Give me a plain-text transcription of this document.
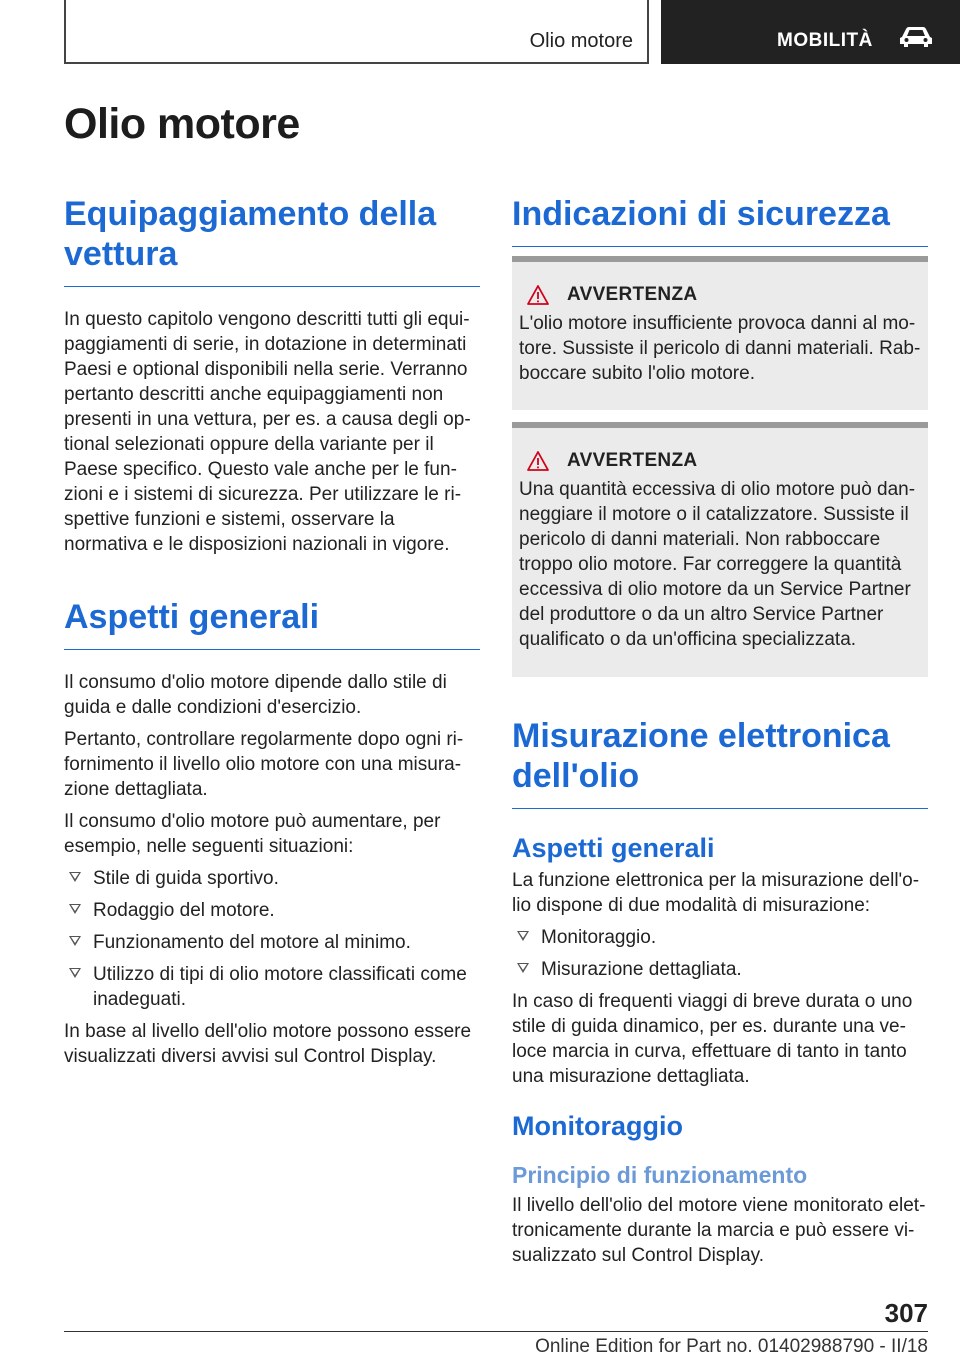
Olio motore	MOBILITÀ
Olio motore
Equipaggiamento della vettura

In questo capitolo vengono descritti tutti gli equipaggiamenti di serie, in dotazione in determinati Paesi e optional disponibili nella serie. Verranno pertanto descritti anche equipaggiamenti non presenti in una vettura, per es. a causa degli optional selezionati oppure della variante per il Paese specifico. Questo vale anche per le funzioni e i sistemi di sicurezza. Per utilizzare le rispettive funzioni e sistemi, osservare la normativa e le disposizioni nazionali in vigore.

Aspetti generali

Il consumo d'olio motore dipende dallo stile di guida e dalle condizioni d'esercizio.

Pertanto, controllare regolarmente dopo ogni rifornimento il livello olio motore con una misurazione dettagliata.

Il consumo d'olio motore può aumentare, per esempio, nelle seguenti situazioni:

Stile di guida sportivo.
Rodaggio del motore.
Funzionamento del motore al minimo.
Utilizzo di tipi di olio motore classificati come inadeguati.

In base al livello dell'olio motore possono essere visualizzati diversi avvisi sul Control Display.

Indicazioni di sicurezza
AVVERTENZA

L'olio motore insufficiente provoca danni al motore. Sussiste il pericolo di danni materiali. Rabboccare subito l'olio motore.

AVVERTENZA

Una quantità eccessiva di olio motore può danneggiare il motore o il catalizzatore. Sussiste il pericolo di danni materiali. Non rabboccare troppo olio motore. Far correggere la quantità eccessiva di olio motore da un Service Partner del produttore o da un altro Service Partner qualificato o da un'officina specializzata.

Misurazione elettronica dell'olio
Aspetti generali

La funzione elettronica per la misurazione dell'olio dispone di due modalità di misurazione:

Monitoraggio.
Misurazione dettagliata.

In caso di frequenti viaggi di breve durata o uno stile di guida dinamico, per es. durante una veloce marcia in curva, effettuare di tanto in tanto una misurazione dettagliata.

Monitoraggio
Principio di funzionamento

Il livello dell'olio del motore viene monitorato elettronicamente durante la marcia e può essere visualizzato sul Control Display.

307
Online Edition for Part no. 01402988790 - II/18
